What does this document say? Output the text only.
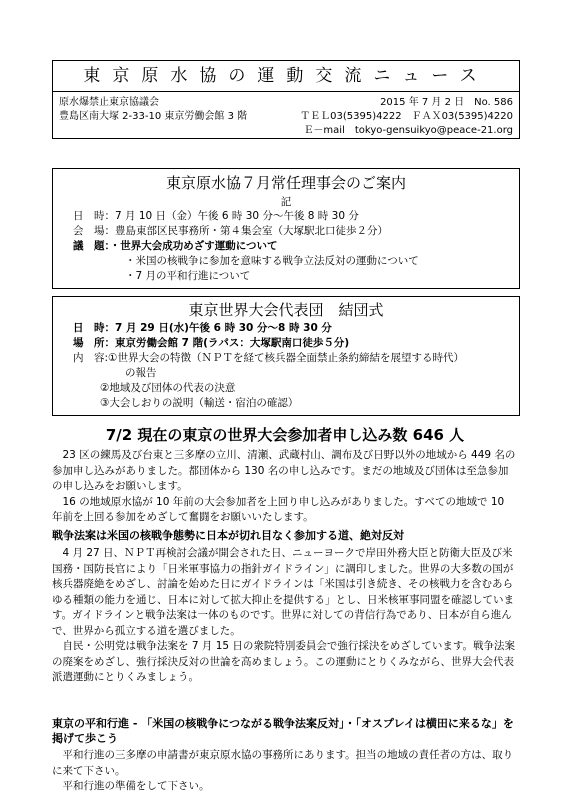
東京原水協の運動交流ニュース
原水爆禁止東京協議会	2015 年 7 月 2 日　No. 586
豊島区南大塚 2-33-10 東京労働会館 3 階	ＴＥＬ03(5395)4222　ＦＡＸ03(5395)4220
Ｅ－mail　tokyo-gensuikyo@peace-21.org
東京原水協７月常任理事会のご案内
記
日　時：7 月 10 日（金）午後 6 時 30 分～午後 8 時 30 分
会　場：豊島東部区民事務所・第４集会室（大塚駅北口徒歩２分）
議　題：・世界大会成功めざす運動について
・米国の核戦争に参加を意味する戦争立法反対の運動について
・7 月の平和行進について
東京世界大会代表団　結団式
日　時：7 月 29 日(水)午後 6 時 30 分～8 時 30 分
場　所：東京労働会館 7 階(ラパス：大塚駅南口徒歩５分)
内　容:①世界大会の特徴（ＮＰＴを経て核兵器全面禁止条約締結を展望する時代）
の報告
②地域及び団体の代表の決意
③大会しおりの説明（輸送・宿泊の確認）
7/2 現在の東京の世界大会参加者申し込み数 646 人

23 区の練馬及び台東と三多摩の立川、清瀬、武蔵村山、調布及び日野以外の地域から 449 名の参加申し込みがありました。都団体から 130 名の申し込みです。まだの地域及び団体は至急参加の申し込みをお願いします。

16 の地域原水協が 10 年前の大会参加者を上回り申し込みがありました。すべての地域で 10 年前を上回る参加をめざして奮闘をお願いいたします。

戦争法案は米国の核戦争態勢に日本が切れ目なく参加する道、絶対反対

4 月 27 日、ＮＰＴ再検討会議が開会された日、ニューヨークで岸田外務大臣と防衛大臣及び米国務・国防長官により「日米軍事協力の指針ガイドライン」に調印しました。世界の大多数の国が核兵器廃絶をめざし、討論を始めた日にガイドラインは「米国は引き続き、その核戦力を含むあらゆる種類の能力を通じ、日本に対して拡大抑止を提供する」とし、日米核軍事同盟を確認しています。ガイドラインと戦争法案は一体のものです。世界に対しての背信行為であり、日本が自ら進んで、世界から孤立する道を選びました。

自民・公明党は戦争法案を 7 月 15 日の衆院特別委員会で強行採決をめざしています。戦争法案の廃案をめざし、強行採決反対の世論を高めましょう。この運動にとりくみながら、世界大会代表派遣運動にとりくみましょう。

東京の平和行進 - 「米国の核戦争につながる戦争法案反対」・「オスプレイは横田に来るな」を掲げて歩こう

平和行進の三多摩の申請書が東京原水協の事務所にあります。担当の地域の責任者の方は、取りに来て下さい。

平和行進の準備をして下さい。
